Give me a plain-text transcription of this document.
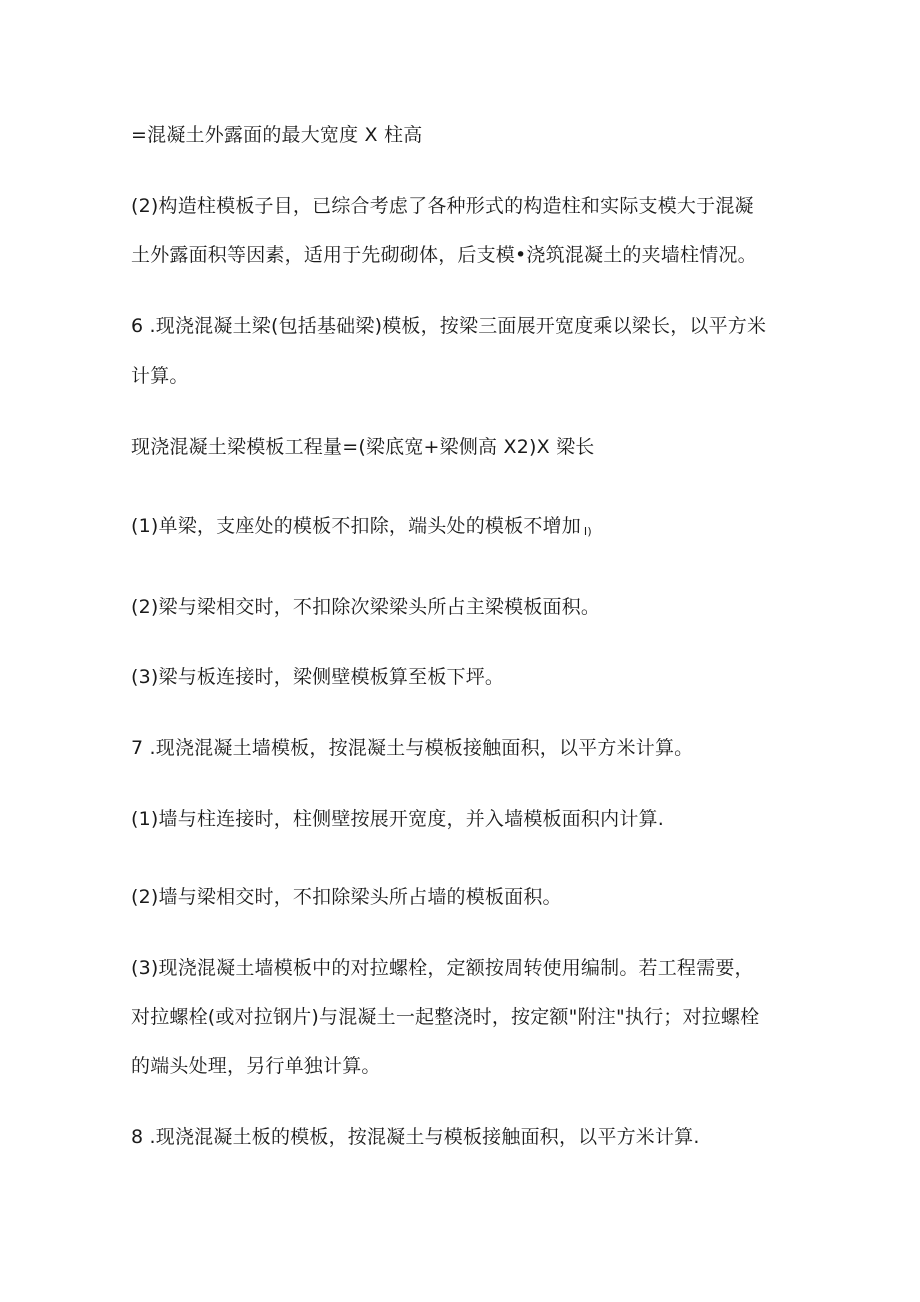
=混凝土外露面的最大宽度 X 柱高
(2)构造柱模板子目，已综合考虑了各种形式的构造柱和实际支模大于混凝
土外露面积等因素，适用于先砌砌体，后支模•浇筑混凝土的夹墙柱情况。
6 .现浇混凝土梁(包括基础梁)模板，按梁三面展开宽度乘以梁长，以平方米
计算。
现浇混凝土梁模板工程量=(梁底宽+梁侧高 X2)X 梁长
(1)单梁，支座处的模板不扣除，端头处的模板不增加 I)
(2)梁与梁相交时，不扣除次梁梁头所占主梁模板面积。
(3)梁与板连接时，梁侧壁模板算至板下坪。
7 .现浇混凝土墙模板，按混凝土与模板接触面积，以平方米计算。
(1)墙与柱连接时，柱侧壁按展开宽度，并入墙模板面积内计算.
(2)墙与梁相交时，不扣除梁头所占墙的模板面积。
(3)现浇混凝土墙模板中的对拉螺栓，定额按周转使用编制。若工程需要，
对拉螺栓(或对拉钢片)与混凝土一起整浇时，按定额"附注"执行；对拉螺栓
的端头处理，另行单独计算。
8 .现浇混凝土板的模板，按混凝土与模板接触面积，以平方米计算.
